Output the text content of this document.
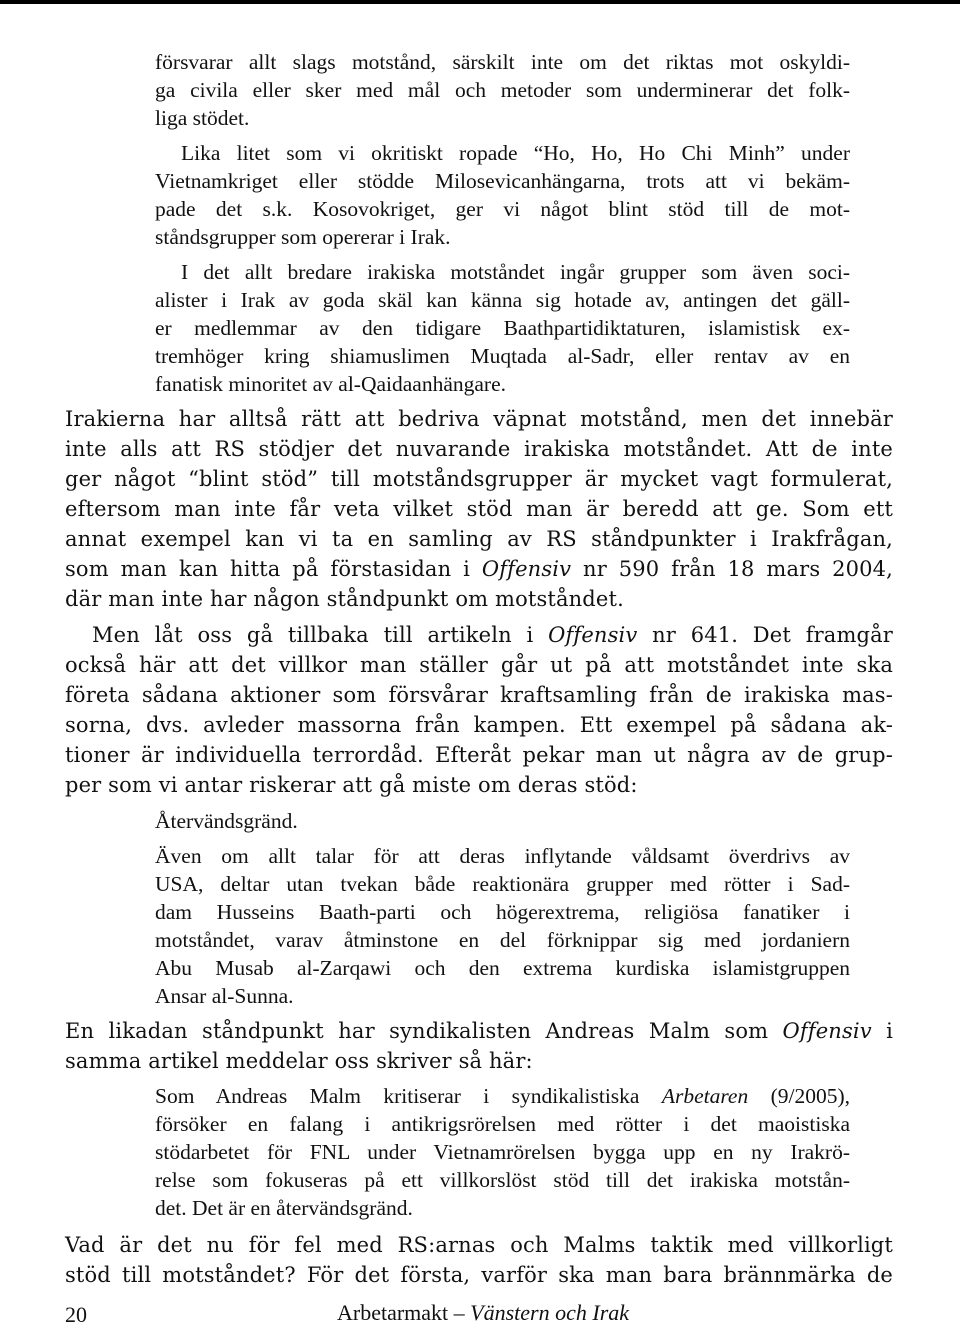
försvarar allt slags motstånd, särskilt inte om det riktas mot oskyldi-
ga civila eller sker med mål och metoder som underminerar det folk-
liga stödet.
Lika litet som vi okritiskt ropade “Ho, Ho, Ho Chi Minh” under
Vietnamkriget eller stödde Milosevicanhängarna, trots att vi bekäm-
pade det s.k. Kosovokriget, ger vi något blint stöd till de mot-
ståndsgrupper som opererar i Irak.
I det allt bredare irakiska motståndet ingår grupper som även soci-
alister i Irak av goda skäl kan känna sig hotade av, antingen det gäll-
er medlemmar av den tidigare Baathpartidiktaturen, islamistisk ex-
tremhöger kring shiamuslimen Muqtada al-Sadr, eller rentav av en
fanatisk minoritet av al-Qaidaanhängare.
Irakierna har alltså rätt att bedriva väpnat motstånd, men det innebär
inte alls att RS stödjer det nuvarande irakiska motståndet. Att de inte
ger något “blint stöd” till motståndsgrupper är mycket vagt formulerat,
eftersom man inte får veta vilket stöd man är beredd att ge. Som ett
annat exempel kan vi ta en samling av RS ståndpunkter i Irakfrågan,
som man kan hitta på förstasidan i Offensiv nr 590 från 18 mars 2004,
där man inte har någon ståndpunkt om motståndet.
Men låt oss gå tillbaka till artikeln i Offensiv nr 641. Det framgår
också här att det villkor man ställer går ut på att motståndet inte ska
företa sådana aktioner som försvårar kraftsamling från de irakiska mas-
sorna, dvs. avleder massorna från kampen. Ett exempel på sådana ak-
tioner är individuella terrordåd. Efteråt pekar man ut några av de grup-
per som vi antar riskerar att gå miste om deras stöd:
Återvändsgränd.
Även om allt talar för att deras inflytande våldsamt överdrivs av
USA, deltar utan tvekan både reaktionära grupper med rötter i Sad-
dam Husseins Baath-parti och högerextrema, religiösa fanatiker i
motståndet, varav åtminstone en del förknippar sig med jordaniern
Abu Musab al-Zarqawi och den extrema kurdiska islamistgruppen
Ansar al-Sunna.
En likadan ståndpunkt har syndikalisten Andreas Malm som Offensiv i
samma artikel meddelar oss skriver så här:
Som Andreas Malm kritiserar i syndikalistiska Arbetaren (9/2005),
försöker en falang i antikrigsrörelsen med rötter i det maoistiska
stödarbetet för FNL under Vietnamrörelsen bygga upp en ny Irakrö-
relse som fokuseras på ett villkorslöst stöd till det irakiska motstån-
det. Det är en återvändsgränd.
Vad är det nu för fel med RS:arnas och Malms taktik med villkorligt
stöd till motståndet? För det första, varför ska man bara brännmärka de
20	Arbetarmakt – Vänstern och Irak
